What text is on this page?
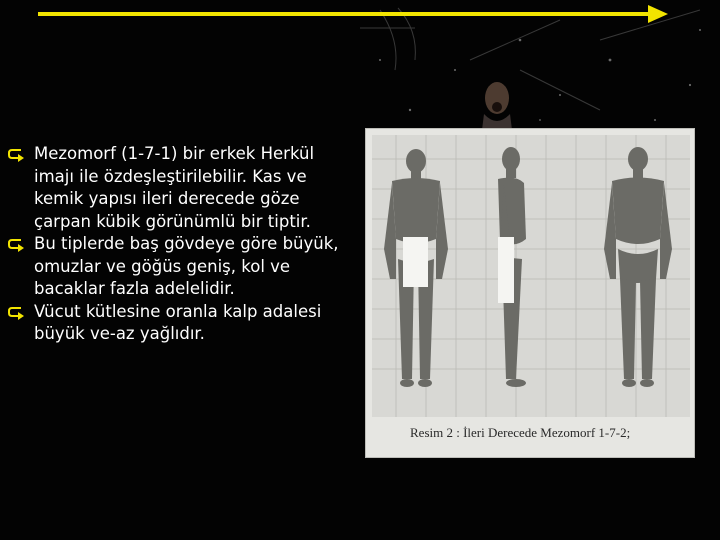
Mezomorf (1-7-1) bir erkek Herkül imajı ile özdeşleştirilebilir. Kas ve kemik yapısı ileri derecede göze çarpan kübik görünümlü bir tiptir.
Bu tiplerde baş gövdeye göre büyük, omuzlar ve göğüs geniş, kol ve bacaklar fazla adelelidir.
Vücut kütlesine oranla kalp adalesi büyük ve-az yağlıdır.
Resim 2 : İleri Derecede Mezomorf 1-7-2;
